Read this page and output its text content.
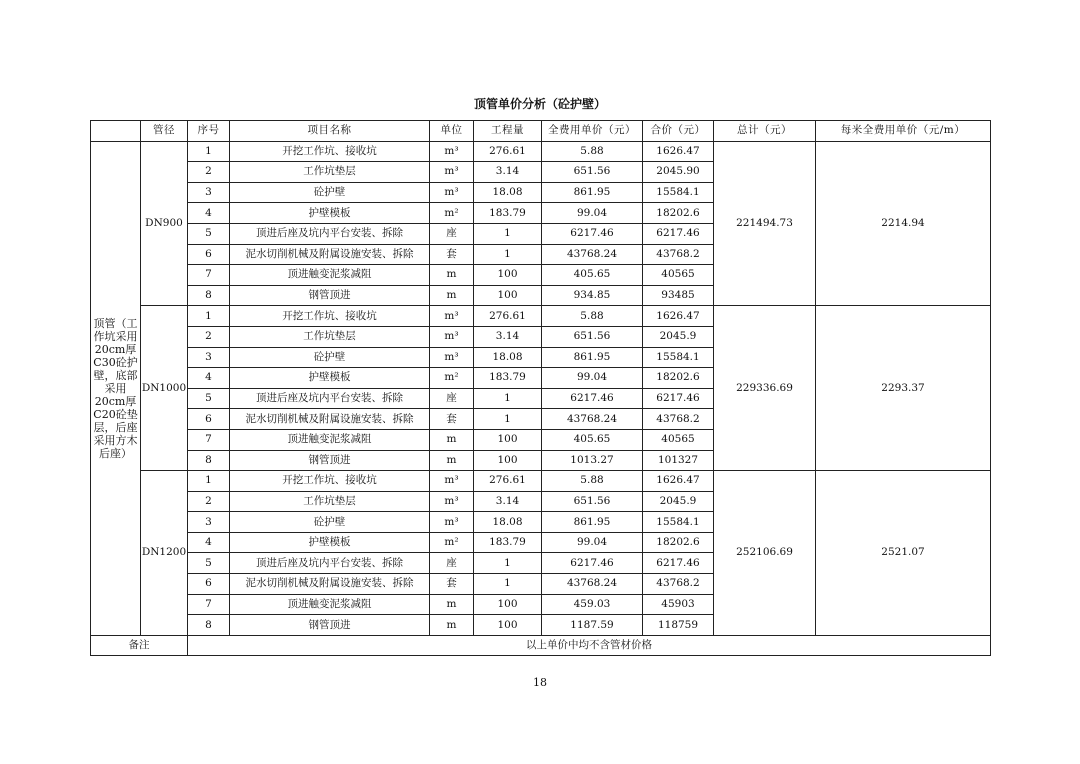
顶管单价分析（砼护壁）
	管径	序号	项目名称	单位	工程量	全费用单价（元）	合价（元）	总计（元）	每米全费用单价（元/m）
顶管（工作坑采用20cm厚C30砼护壁，底部采用20cm厚C20砼垫层，后座采用方木后座）	DN900	1	开挖工作坑、接收坑	m³	276.61	5.88	1626.47	221494.73	2214.94
		2	工作坑垫层	m³	3.14	651.56	2045.90		
		3	砼护壁	m³	18.08	861.95	15584.1		
		4	护壁模板	m²	183.79	99.04	18202.6		
		5	顶进后座及坑内平台安装、拆除	座	1	6217.46	6217.46		
		6	泥水切削机械及附属设施安装、拆除	套	1	43768.24	43768.2		
		7	顶进触变泥浆减阻	m	100	405.65	40565		
		8	钢管顶进	m	100	934.85	93485		
	DN1000	1	开挖工作坑、接收坑	m³	276.61	5.88	1626.47	229336.69	2293.37
		2	工作坑垫层	m³	3.14	651.56	2045.9		
		3	砼护壁	m³	18.08	861.95	15584.1		
		4	护壁模板	m²	183.79	99.04	18202.6		
		5	顶进后座及坑内平台安装、拆除	座	1	6217.46	6217.46		
		6	泥水切削机械及附属设施安装、拆除	套	1	43768.24	43768.2		
		7	顶进触变泥浆减阻	m	100	405.65	40565		
		8	钢管顶进	m	100	1013.27	101327		
	DN1200	1	开挖工作坑、接收坑	m³	276.61	5.88	1626.47	252106.69	2521.07
		2	工作坑垫层	m³	3.14	651.56	2045.9		
		3	砼护壁	m³	18.08	861.95	15584.1		
		4	护壁模板	m²	183.79	99.04	18202.6		
		5	顶进后座及坑内平台安装、拆除	座	1	6217.46	6217.46		
		6	泥水切削机械及附属设施安装、拆除	套	1	43768.24	43768.2		
		7	顶进触变泥浆减阻	m	100	459.03	45903		
		8	钢管顶进	m	100	1187.59	118759		
备注		以上单价中均不含管材价格							
18
